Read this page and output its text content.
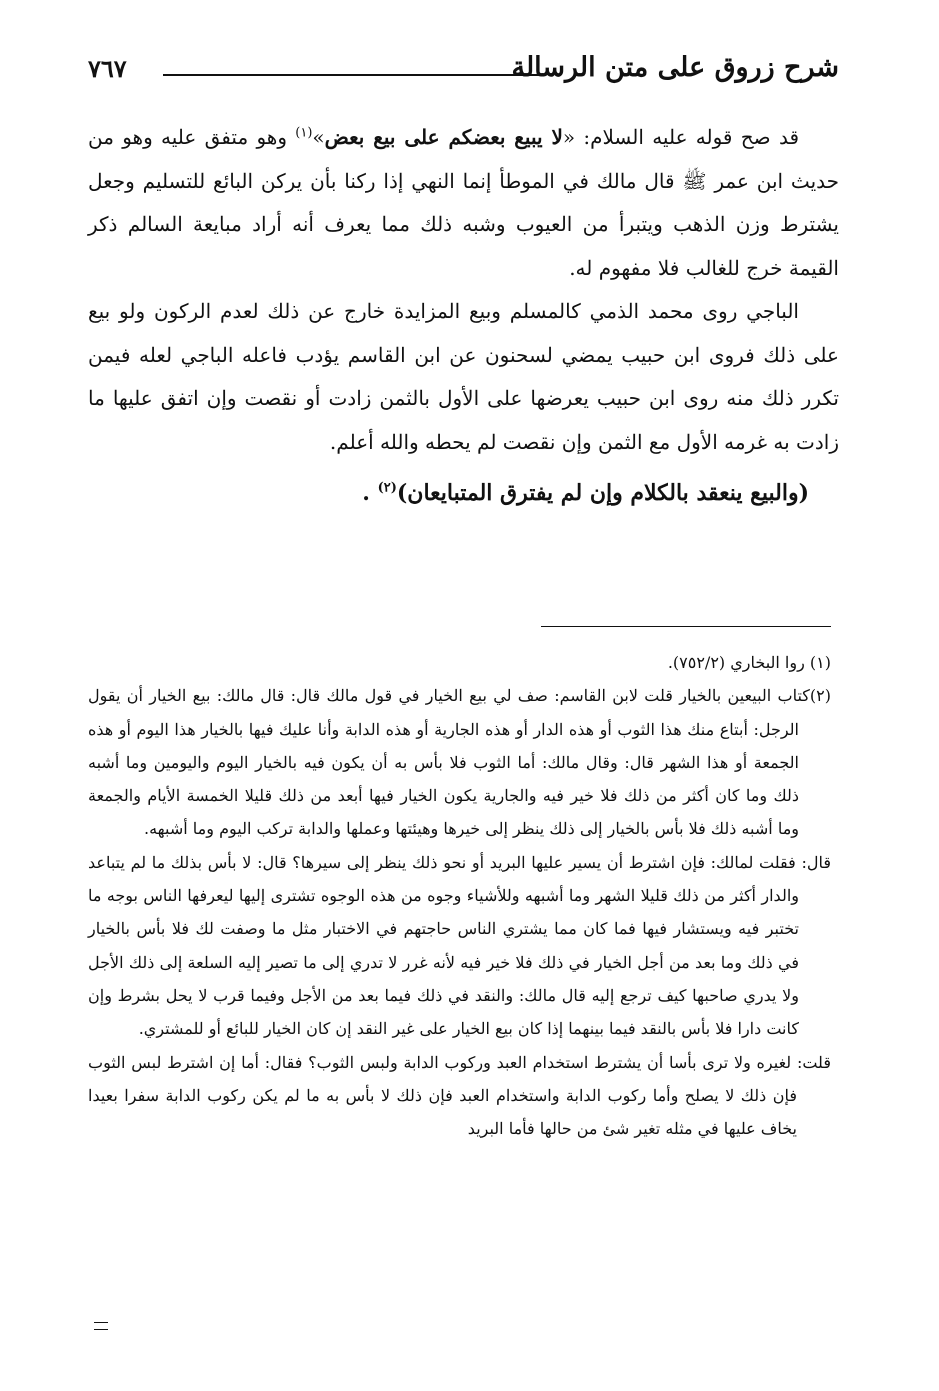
شرح زروق على متن الرسالة
٧٦٧

قد صح قوله عليه السلام: «لا يبيع بعضكم على بيع بعض»$^{(١)}$ وهو متفق عليه وهو من حديث ابن عمر ﷺ قال مالك في الموطأ إنما النهي إذا ركنا بأن يركن البائع للتسليم وجعل يشترط وزن الذهب ويتبرأ من العيوب وشبه ذلك مما يعرف أنه أراد مبايعة السالم ذكر القيمة خرج للغالب فلا مفهوم له.

الباجي روى محمد الذمي كالمسلم وبيع المزايدة خارج عن ذلك لعدم الركون ولو بيع على ذلك فروى ابن حبيب يمضي لسحنون عن ابن القاسم يؤدب فاعله الباجي لعله فيمن تكرر ذلك منه روى ابن حبيب يعرضها على الأول بالثمن زادت أو نقصت وإن اتفق عليها ما زادت به غرمه الأول مع الثمن وإن نقصت لم يحطه والله أعلم.

(والبيع ينعقد بالكلام وإن لم يفترق المتبايعان)$^{(٢)}$ .

(١) روا البخاري (٧٥٢/٢).

(٢)كتاب البيعين بالخيار قلت لابن القاسم: صف لي بيع الخيار في قول مالك قال: قال مالك: بيع الخيار أن يقول الرجل: أبتاع منك هذا الثوب أو هذه الدار أو هذه الجارية أو هذه الدابة وأنا عليك فيها بالخيار هذا اليوم أو هذه الجمعة أو هذا الشهر قال: وقال مالك: أما الثوب فلا بأس به أن يكون فيه بالخيار اليوم واليومين وما أشبه ذلك وما كان أكثر من ذلك فلا خير فيه والجارية يكون الخيار فيها أبعد من ذلك قليلا الخمسة الأيام والجمعة وما أشبه ذلك فلا بأس بالخيار إلى ذلك ينظر إلى خيرها وهيئتها وعملها والدابة تركب اليوم وما أشبهه.

قال: فقلت لمالك: فإن اشترط أن يسير عليها البريد أو نحو ذلك ينظر إلى سيرها؟ قال: لا بأس بذلك ما لم يتباعد والدار أكثر من ذلك قليلا الشهر وما أشبهه وللأشياء وجوه من هذه الوجوه تشترى إليها ليعرفها الناس بوجه ما تختبر فيه ويستشار فيها فما كان مما يشتري الناس حاجتهم في الاختبار مثل ما وصفت لك فلا بأس بالخيار في ذلك وما بعد من أجل الخيار في ذلك فلا خير فيه لأنه غرر لا تدري إلى ما تصير إليه السلعة إلى ذلك الأجل ولا يدري صاحبها كيف ترجع إليه قال مالك: والنقد في ذلك فيما بعد من الأجل وفيما قرب لا يحل بشرط وإن كانت دارا فلا بأس بالنقد فيما بينهما إذا كان بيع الخيار على غير النقد إن كان الخيار للبائع أو للمشتري.

قلت: لغيره ولا ترى بأسا أن يشترط استخدام العبد وركوب الدابة ولبس الثوب؟ فقال: أما إن اشترط لبس الثوب فإن ذلك لا يصلح وأما ركوب الدابة واستخدام العبد فإن ذلك لا بأس به ما لم يكن ركوب الدابة سفرا بعيدا يخاف عليها في مثله تغير شئ من حالها فأما البريد
